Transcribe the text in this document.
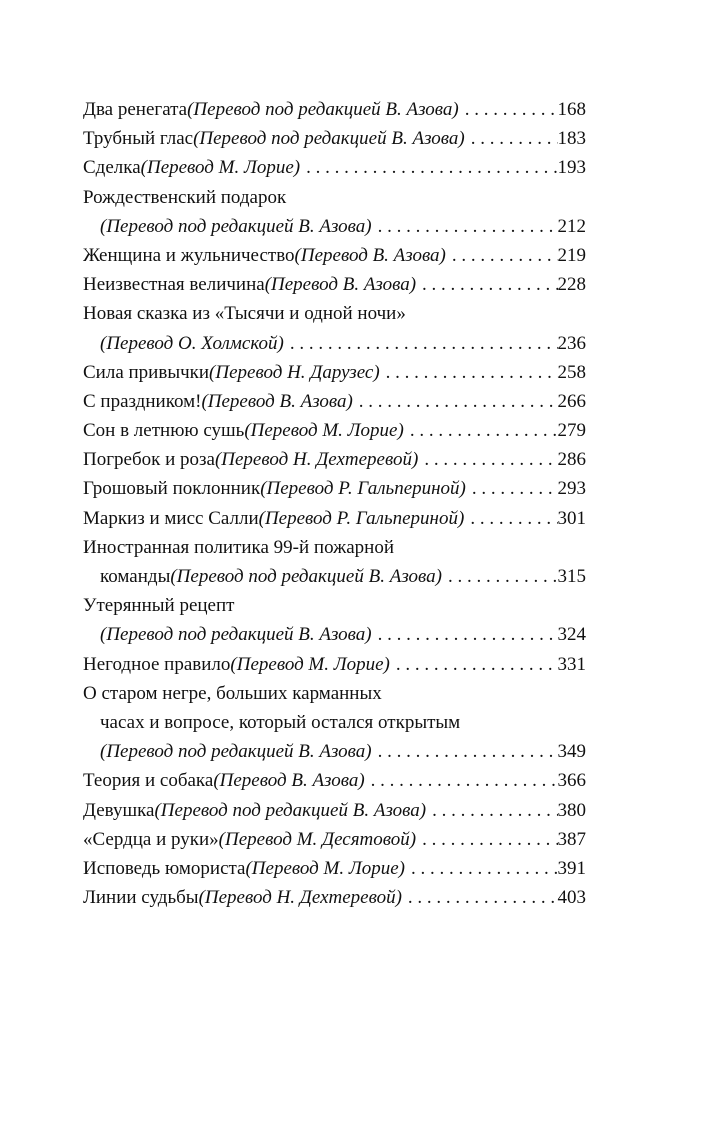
Два ренегата (Перевод под редакцией В. Азова) . . .	168
Трубный глас (Перевод под редакцией В. Азова) . . .	183
Сделка (Перевод М. Лорие) . . .	193
Рождественский подарок
(Перевод под редакцией В. Азова) . . .	212
Женщина и жульничество (Перевод В. Азова) . . .	219
Неизвестная величина (Перевод В. Азова) . . .	228
Новая сказка из «Тысячи и одной ночи»
(Перевод О. Холмской) . . .	236
Сила привычки (Перевод Н. Дарузес) . . .	258
С праздником! (Перевод В. Азова) . . .	266
Сон в летнюю сушь (Перевод М. Лорие) . . .	279
Погребок и роза (Перевод Н. Дехтеревой) . . .	286
Грошовый поклонник (Перевод Р. Гальпериной) . . .	293
Маркиз и мисс Салли (Перевод Р. Гальпериной) . . .	301
Иностранная политика 99-й пожарной
команды (Перевод под редакцией В. Азова) . . .	315
Утерянный рецепт
(Перевод под редакцией В. Азова) . . .	324
Негодное правило (Перевод М. Лорие) . . .	331
О старом негре, больших карманных
часах и вопросе, который остался открытым
(Перевод под редакцией В. Азова) . . .	349
Теория и собака (Перевод В. Азова) . . .	366
Девушка (Перевод под редакцией В. Азова) . . .	380
«Сердца и руки» (Перевод М. Десятовой) . . .	387
Исповедь юмориста (Перевод М. Лорие) . . .	391
Линии судьбы (Перевод Н. Дехтеревой) . . .	403
